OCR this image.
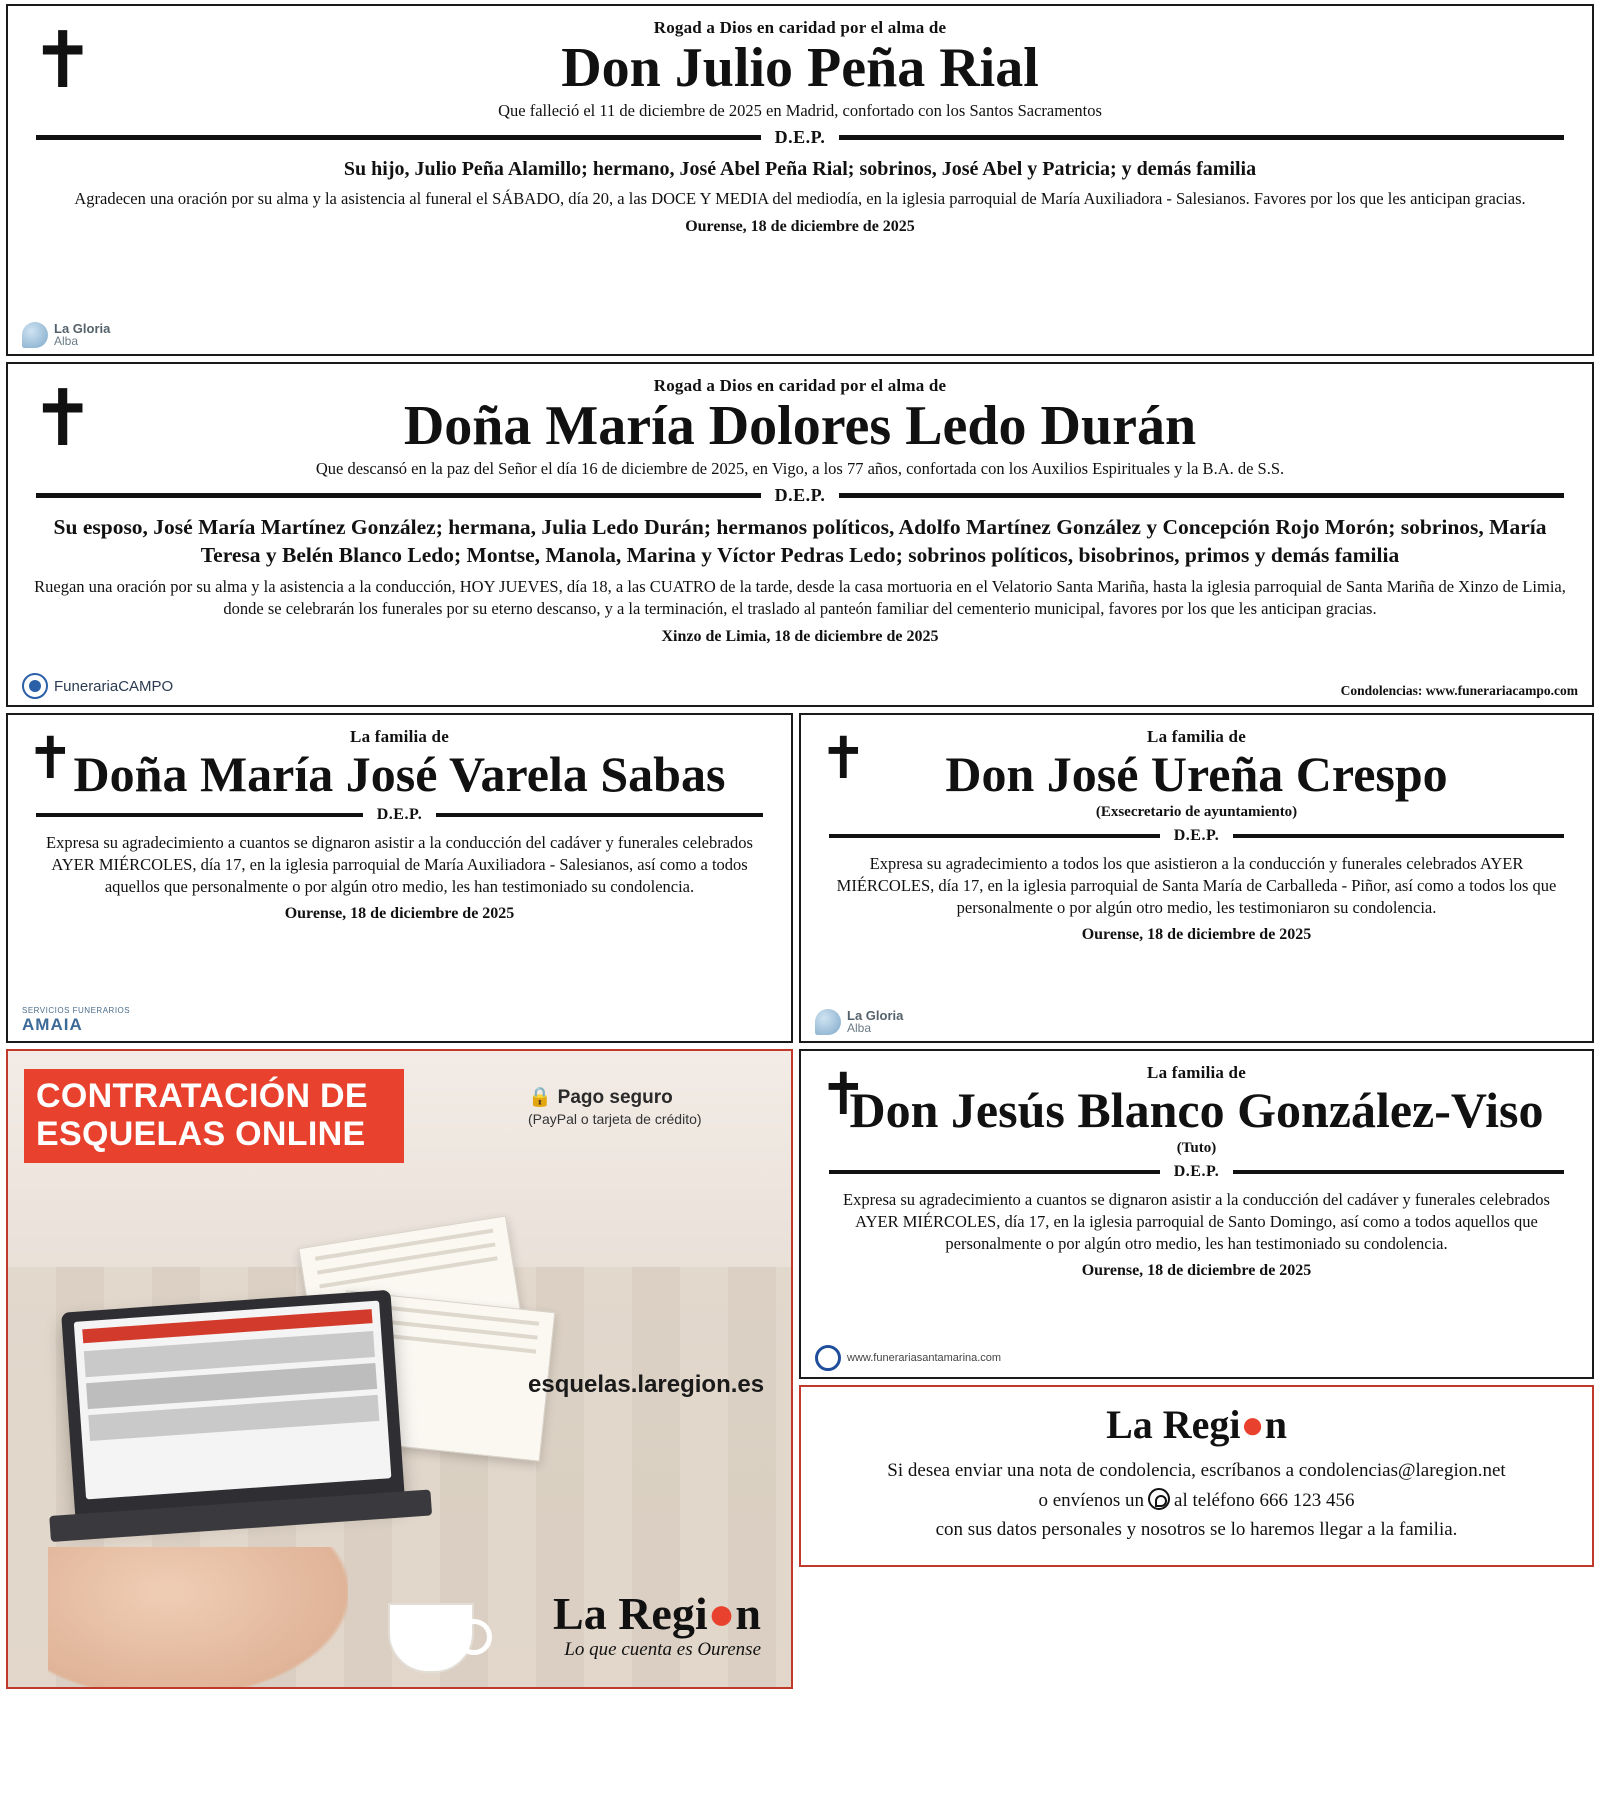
✝	Rogad a Dios en caridad por el alma de
Don Julio Peña Rial
Que falleció el 11 de diciembre de 2025 en Madrid, confortado con los Santos Sacramentos
D.E.P.
Su hijo, Julio Peña Alamillo; hermano, José Abel Peña Rial; sobrinos, José Abel y Patricia; y demás familia
Agradecen una oración por su alma y la asistencia al funeral el SÁBADO, día 20, a las DOCE Y MEDIA del mediodía, en la iglesia parroquial de María Auxiliadora - Salesianos. Favores por los que les anticipan gracias.
Ourense, 18 de diciembre de 2025
La Gloria
Alba
✝	Rogad a Dios en caridad por el alma de
Doña María Dolores Ledo Durán
Que descansó en la paz del Señor el día 16 de diciembre de 2025, en Vigo, a los 77 años, confortada con los Auxilios Espirituales y la B.A. de S.S.
D.E.P.
Su esposo, José María Martínez González; hermana, Julia Ledo Durán; hermanos políticos, Adolfo Martínez González y Concepción Rojo Morón; sobrinos, María Teresa y Belén Blanco Ledo; Montse, Manola, Marina y Víctor Pedras Ledo; sobrinos políticos, bisobrinos, primos y demás familia
Ruegan una oración por su alma y la asistencia a la conducción, HOY JUEVES, día 18, a las CUATRO de la tarde, desde la casa mortuoria en el Velatorio Santa Mariña, hasta la iglesia parroquial de Santa Mariña de Xinzo de Limia, donde se celebrarán los funerales por su eterno descanso, y a la terminación, el traslado al panteón familiar del cementerio municipal, favores por los que les anticipan gracias.
Xinzo de Limia, 18 de diciembre de 2025
FunerariaCAMPO	Condolencias: www.funerariacampo.com
✝	La familia de
Doña María José Varela Sabas
D.E.P.
Expresa su agradecimiento a cuantos se dignaron asistir a la conducción del cadáver y funerales celebrados AYER MIÉRCOLES, día 17, en la iglesia parroquial de María Auxiliadora - Salesianos, así como a todos aquellos que personalmente o por algún otro medio, les han testimoniado su condolencia.
Ourense, 18 de diciembre de 2025
SERVICIOS FUNERARIOS
AMAIA
CONTRATACIÓN DE ESQUELAS ONLINE
🔒 Pago seguro
(PayPal o tarjeta de crédito)
esquelas.laregion.es
La Regi●n
Lo que cuenta es Ourense
✝	La familia de
Don José Ureña Crespo
(Exsecretario de ayuntamiento)
D.E.P.
Expresa su agradecimiento a todos los que asistieron a la conducción y funerales celebrados AYER MIÉRCOLES, día 17, en la iglesia parroquial de Santa María de Carballeda - Piñor, así como a todos los que personalmente o por algún otro medio, les testimoniaron su condolencia.
Ourense, 18 de diciembre de 2025
La Gloria
Alba
✝	La familia de
Don Jesús Blanco González-Viso
(Tuto)
D.E.P.
Expresa su agradecimiento a cuantos se dignaron asistir a la conducción del cadáver y funerales celebrados AYER MIÉRCOLES, día 17, en la iglesia parroquial de Santo Domingo, así como a todos aquellos que personalmente o por algún otro medio, les han testimoniado su condolencia.
Ourense, 18 de diciembre de 2025
www.funerariasantamarina.com
La Regi●n

Si desea enviar una nota de condolencia, escríbanos a condolencias@laregion.net

o envíenos un al teléfono 666 123 456

con sus datos personales y nosotros se lo haremos llegar a la familia.
